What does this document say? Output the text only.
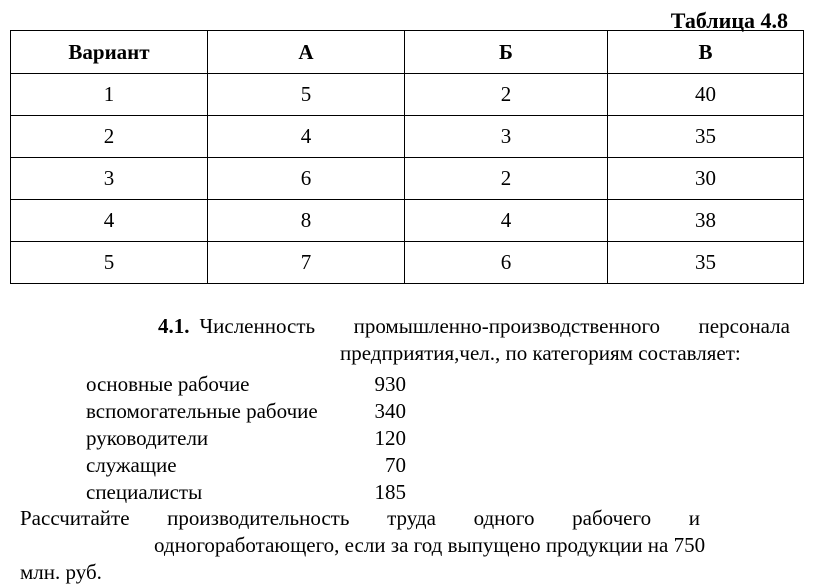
Таблица 4.8
Вариант	А	Б	В
1	5	2	40
2	4	3	35
3	6	2	30
4	8	4	38
5	7	6	35
4.1. Численность промышленно-производственного персонала
предприятия,чел., по категориям составляет:
основные рабочие	930
вспомогательные рабочие	340
руководители	120
служащие	70
специалисты	185
Рассчитайте производительность труда одного рабочего и
одногоработающего, если за год выпущено продукции на 750
млн. руб.
